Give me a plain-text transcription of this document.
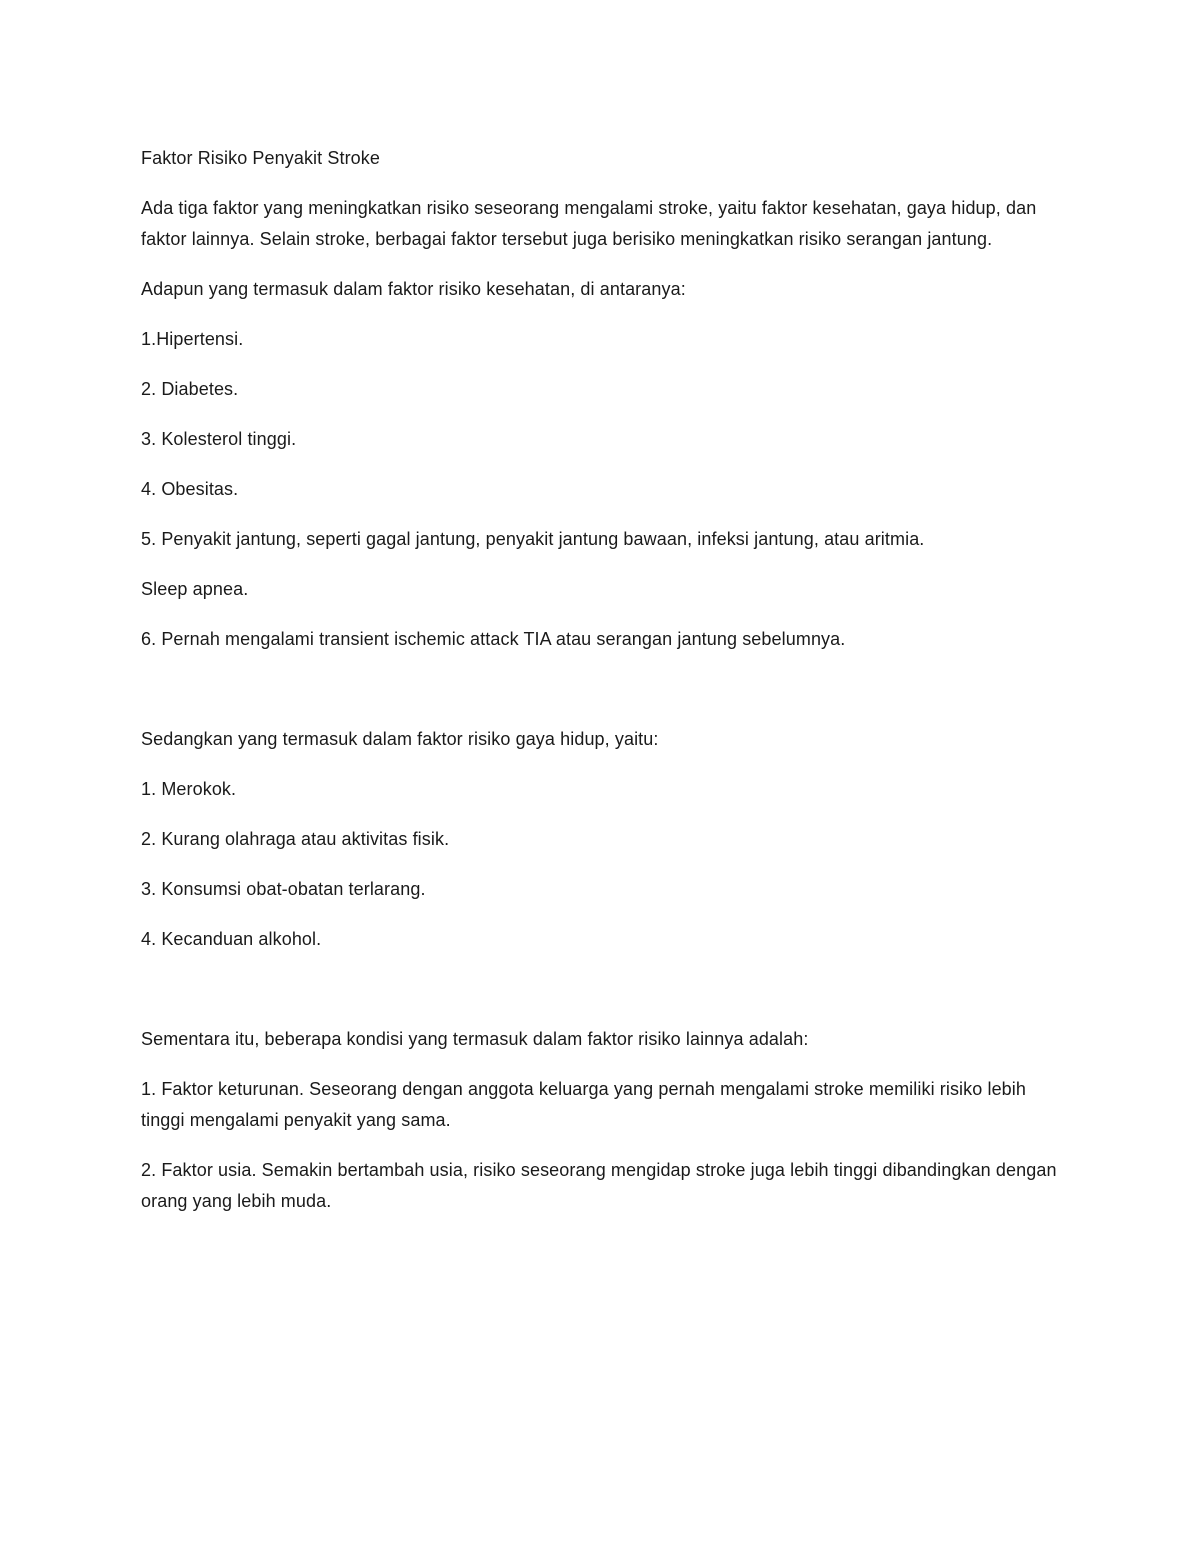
Faktor Risiko Penyakit Stroke

Ada tiga faktor yang meningkatkan risiko seseorang mengalami stroke, yaitu faktor kesehatan, gaya hidup, dan faktor lainnya. Selain stroke, berbagai faktor tersebut juga berisiko meningkatkan risiko serangan jantung.

Adapun yang termasuk dalam faktor risiko kesehatan, di antaranya:

1.Hipertensi.

2. Diabetes.

3. Kolesterol tinggi.

4. Obesitas.

5. Penyakit jantung, seperti gagal jantung, penyakit jantung bawaan, infeksi jantung, atau aritmia.

Sleep apnea.

6. Pernah mengalami transient ischemic attack TIA atau serangan jantung sebelumnya.

Sedangkan yang termasuk dalam faktor risiko gaya hidup, yaitu:

1. Merokok.

2. Kurang olahraga atau aktivitas fisik.

3. Konsumsi obat-obatan terlarang.

4. Kecanduan alkohol.

Sementara itu, beberapa kondisi yang termasuk dalam faktor risiko lainnya adalah:

1. Faktor keturunan. Seseorang dengan anggota keluarga yang pernah mengalami stroke memiliki risiko lebih tinggi mengalami penyakit yang sama.

2. Faktor usia. Semakin bertambah usia, risiko seseorang mengidap stroke juga lebih tinggi dibandingkan dengan orang yang lebih muda.
